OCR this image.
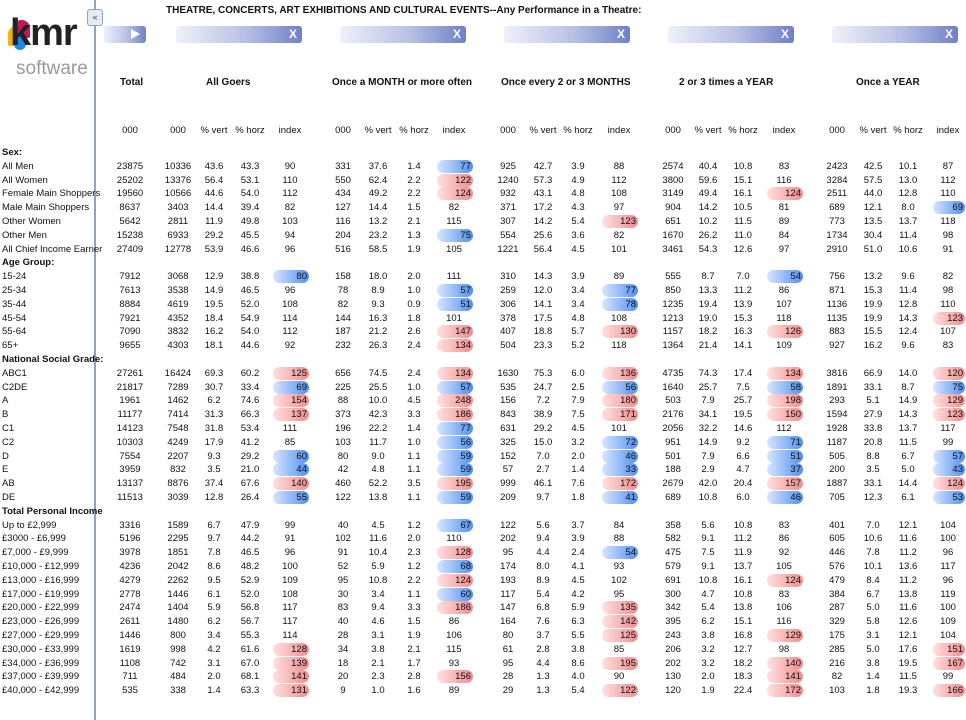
kmr
software
«
THEATRE, CONCERTS, ART EXHIBITIONS AND CULTURAL EVENTS--Any Performance in a Theatre:
X	X	X	X	X
Total	All Goers	Once a MONTH or more often	Once every 2 or 3 MONTHS	2 or 3 times a YEAR	Once a YEAR
000	000	% vert % horz	index	000	% vert % horz	index	000	% vert % horz	index	000	% vert % horz	index	000	% vert % horz	index
Sex:
All Men	23875	10336	43.6	43.3	90	331	37.6	1.4	77	925	42.7	3.9	88	2574	40.4	10.8	83	2423	42.5	10.1	87
All Women	25202	13376	56.4	53.1	110	550	62.4	2.2	122	1240	57.3	4.9	112	3800	59.6	15.1	116	3284	57.5	13.0	112
Female Main Shoppers	19560	10566	44.6	54.0	112	434	49.2	2.2	124	932	43.1	4.8	108	3149	49.4	16.1	124	2511	44.0	12.8	110
Male Main Shoppers	8637	3403	14.4	39.4	82	127	14.4	1.5	82	371	17.2	4.3	97	904	14.2	10.5	81	689	12.1	8.0	69
Other Women	5642	2811	11.9	49.8	103	116	13.2	2.1	115	307	14.2	5.4	123	651	10.2	11.5	89	773	13.5	13.7	118
Other Men	15238	6933	29.2	45.5	94	204	23.2	1.3	75	554	25.6	3.6	82	1670	26.2	11.0	84	1734	30.4	11.4	98
All Chief Income Earner	27409	12778	53.9	46.6	96	516	58.5	1.9	105	1221	56.4	4.5	101	3461	54.3	12.6	97	2910	51.0	10.6	91
Age Group:
15-24	7912	3068	12.9	38.8	80	158	18.0	2.0	111	310	14.3	3.9	89	555	8.7	7.0	54	756	13.2	9.6	82
25-34	7613	3538	14.9	46.5	96	78	8.9	1.0	57	259	12.0	3.4	77	850	13.3	11.2	86	871	15.3	11.4	98
35-44	8884	4619	19.5	52.0	108	82	9.3	0.9	51	306	14.1	3.4	78	1235	19.4	13.9	107	1136	19.9	12.8	110
45-54	7921	4352	18.4	54.9	114	144	16.3	1.8	101	378	17.5	4.8	108	1213	19.0	15.3	118	1135	19.9	14.3	123
55-64	7090	3832	16.2	54.0	112	187	21.2	2.6	147	407	18.8	5.7	130	1157	18.2	16.3	126	883	15.5	12.4	107
65+	9655	4303	18.1	44.6	92	232	26.3	2.4	134	504	23.3	5.2	118	1364	21.4	14.1	109	927	16.2	9.6	83
National Social Grade:
ABC1	27261	16424	69.3	60.2	125	656	74.5	2.4	134	1630	75.3	6.0	136	4735	74.3	17.4	134	3816	66.9	14.0	120
C2DE	21817	7289	30.7	33.4	69	225	25.5	1.0	57	535	24.7	2.5	56	1640	25.7	7.5	58	1891	33.1	8.7	75
A	1961	1462	6.2	74.6	154	88	10.0	4.5	248	156	7.2	7.9	180	503	7.9	25.7	198	293	5.1	14.9	129
B	11177	7414	31.3	66.3	137	373	42.3	3.3	186	843	38.9	7.5	171	2176	34.1	19.5	150	1594	27.9	14.3	123
C1	14123	7548	31.8	53.4	111	196	22.2	1.4	77	631	29.2	4.5	101	2056	32.2	14.6	112	1928	33.8	13.7	117
C2	10303	4249	17.9	41.2	85	103	11.7	1.0	56	325	15.0	3.2	72	951	14.9	9.2	71	1187	20.8	11.5	99
D	7554	2207	9.3	29.2	60	80	9.0	1.1	59	152	7.0	2.0	46	501	7.9	6.6	51	505	8.8	6.7	57
E	3959	832	3.5	21.0	44	42	4.8	1.1	59	57	2.7	1.4	33	188	2.9	4.7	37	200	3.5	5.0	43
AB	13137	8876	37.4	67.6	140	460	52.2	3.5	195	999	46.1	7.6	172	2679	42.0	20.4	157	1887	33.1	14.4	124
DE	11513	3039	12.8	26.4	55	122	13.8	1.1	59	209	9.7	1.8	41	689	10.8	6.0	46	705	12.3	6.1	53
Total Personal Income
Up to £2,999	3316	1589	6.7	47.9	99	40	4.5	1.2	67	122	5.6	3.7	84	358	5.6	10.8	83	401	7.0	12.1	104
£3000 - £6,999	5196	2295	9.7	44.2	91	102	11.6	2.0	110	202	9.4	3.9	88	582	9.1	11.2	86	605	10.6	11.6	100
£7,000 - £9,999	3978	1851	7.8	46.5	96	91	10.4	2.3	128	95	4.4	2.4	54	475	7.5	11.9	92	446	7.8	11.2	96
£10,000 - £12,999	4236	2042	8.6	48.2	100	52	5.9	1.2	68	174	8.0	4.1	93	579	9.1	13.7	105	576	10.1	13.6	117
£13,000 - £16,999	4279	2262	9.5	52.9	109	95	10.8	2.2	124	193	8.9	4.5	102	691	10.8	16.1	124	479	8.4	11.2	96
£17,000 - £19,999	2778	1446	6.1	52.0	108	30	3.4	1.1	60	117	5.4	4.2	95	300	4.7	10.8	83	384	6.7	13.8	119
£20,000 - £22,999	2474	1404	5.9	56.8	117	83	9.4	3.3	186	147	6.8	5.9	135	342	5.4	13.8	106	287	5.0	11.6	100
£23,000 - £26,999	2611	1480	6.2	56.7	117	40	4.6	1.5	86	164	7.6	6.3	142	395	6.2	15.1	116	329	5.8	12.6	109
£27,000 - £29,999	1446	800	3.4	55.3	114	28	3.1	1.9	106	80	3.7	5.5	125	243	3.8	16.8	129	175	3.1	12.1	104
£30,000 - £33,999	1619	998	4.2	61.6	128	34	3.8	2.1	115	61	2.8	3.8	85	206	3.2	12.7	98	285	5.0	17.6	151
£34,000 - £36,999	1108	742	3.1	67.0	139	18	2.1	1.7	93	95	4.4	8.6	195	202	3.2	18.2	140	216	3.8	19.5	167
£37,000 - £39,999	711	484	2.0	68.1	141	20	2.3	2.8	156	28	1.3	4.0	90	130	2.0	18.3	141	82	1.4	11.5	99
£40,000 - £42,999	535	338	1.4	63.3	131	9	1.0	1.6	89	29	1.3	5.4	122	120	1.9	22.4	172	103	1.8	19.3	166
